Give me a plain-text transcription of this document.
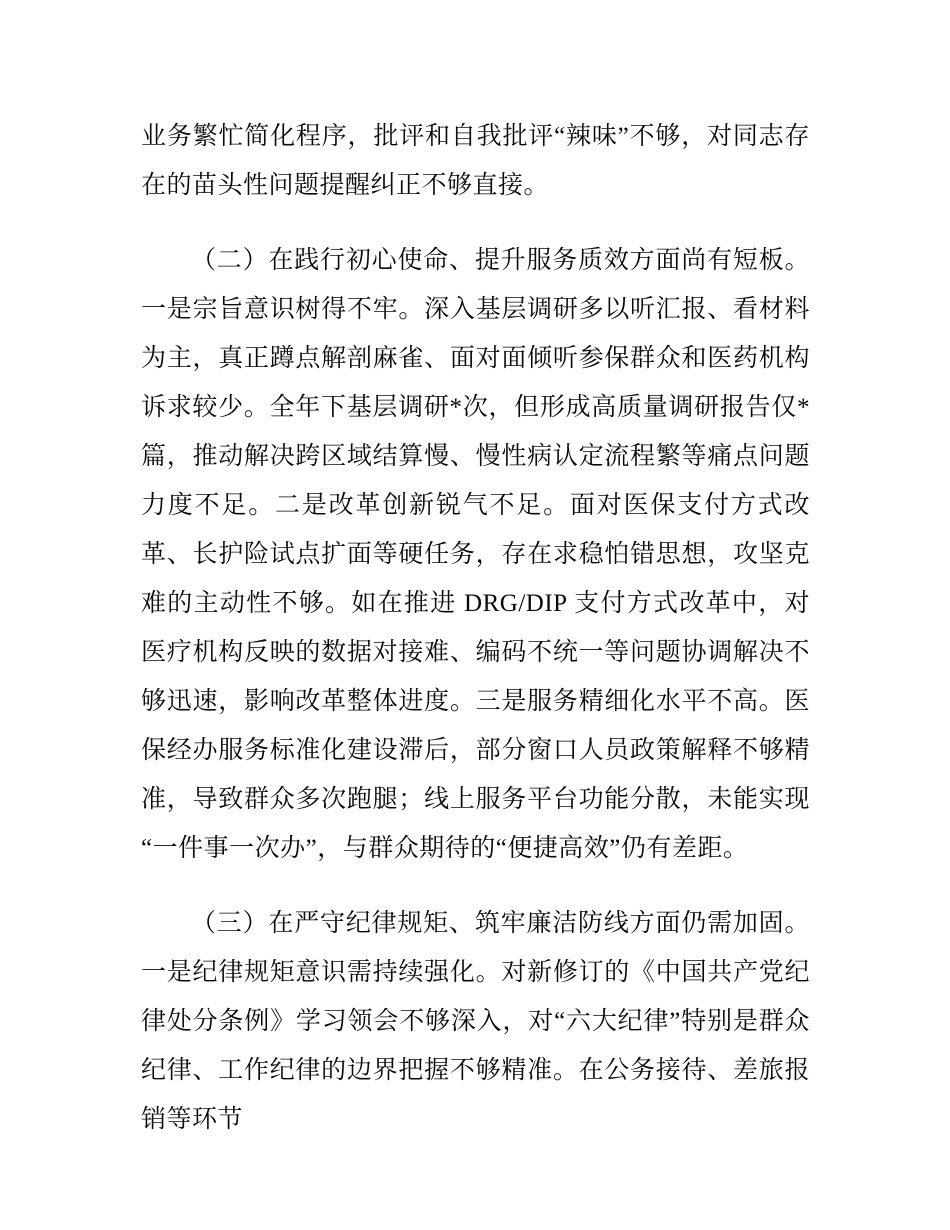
业务繁忙简化程序，批评和自我批评“辣味”不够，对同志存在的苗头性问题提醒纠正不够直接。

（二）在践行初心使命、提升服务质效方面尚有短板。一是宗旨意识树得不牢。深入基层调研多以听汇报、看材料为主，真正蹲点解剖麻雀、面对面倾听参保群众和医药机构诉求较少。全年下基层调研*次，但形成高质量调研报告仅*篇，推动解决跨区域结算慢、慢性病认定流程繁等痛点问题力度不足。二是改革创新锐气不足。面对医保支付方式改革、长护险试点扩面等硬任务，存在求稳怕错思想，攻坚克难的主动性不够。如在推进 DRG/DIP 支付方式改革中，对医疗机构反映的数据对接难、编码不统一等问题协调解决不够迅速，影响改革整体进度。三是服务精细化水平不高。医保经办服务标准化建设滞后，部分窗口人员政策解释不够精准，导致群众多次跑腿；线上服务平台功能分散，未能实现“一件事一次办”，与群众期待的“便捷高效”仍有差距。

（三）在严守纪律规矩、筑牢廉洁防线方面仍需加固。一是纪律规矩意识需持续强化。对新修订的《中国共产党纪律处分条例》学习领会不够深入，对“六大纪律”特别是群众纪律、工作纪律的边界把握不够精准。在公务接待、差旅报销等环节
